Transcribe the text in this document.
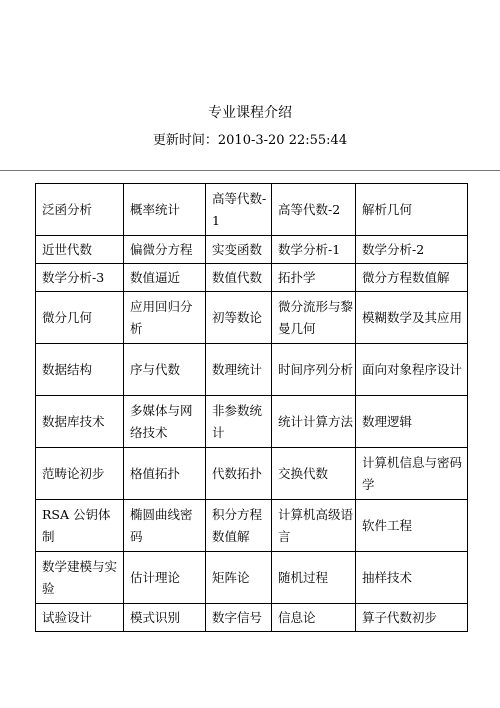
专业课程介绍
更新时间：2010-3-20 22:55:44
泛函分析	概率统计	高等代数-1	高等代数-2	解析几何
近世代数	偏微分方程	实变函数	数学分析-1	数学分析-2
数学分析-3	数值逼近	数值代数	拓扑学	微分方程数值解
微分几何	应用回归分析	初等数论	微分流形与黎曼几何	模糊数学及其应用
数据结构	序与代数	数理统计	时间序列分析	面向对象程序设计
数据库技术	多媒体与网络技术	非参数统计	统计计算方法	数理逻辑
范畴论初步	格值拓扑	代数拓扑	交换代数	计算机信息与密码学
RSA 公钥体制	椭圆曲线密码	积分方程数值解	计算机高级语言	软件工程
数学建模与实验	估计理论	矩阵论	随机过程	抽样技术
试验设计	模式识别	数字信号	信息论	算子代数初步
